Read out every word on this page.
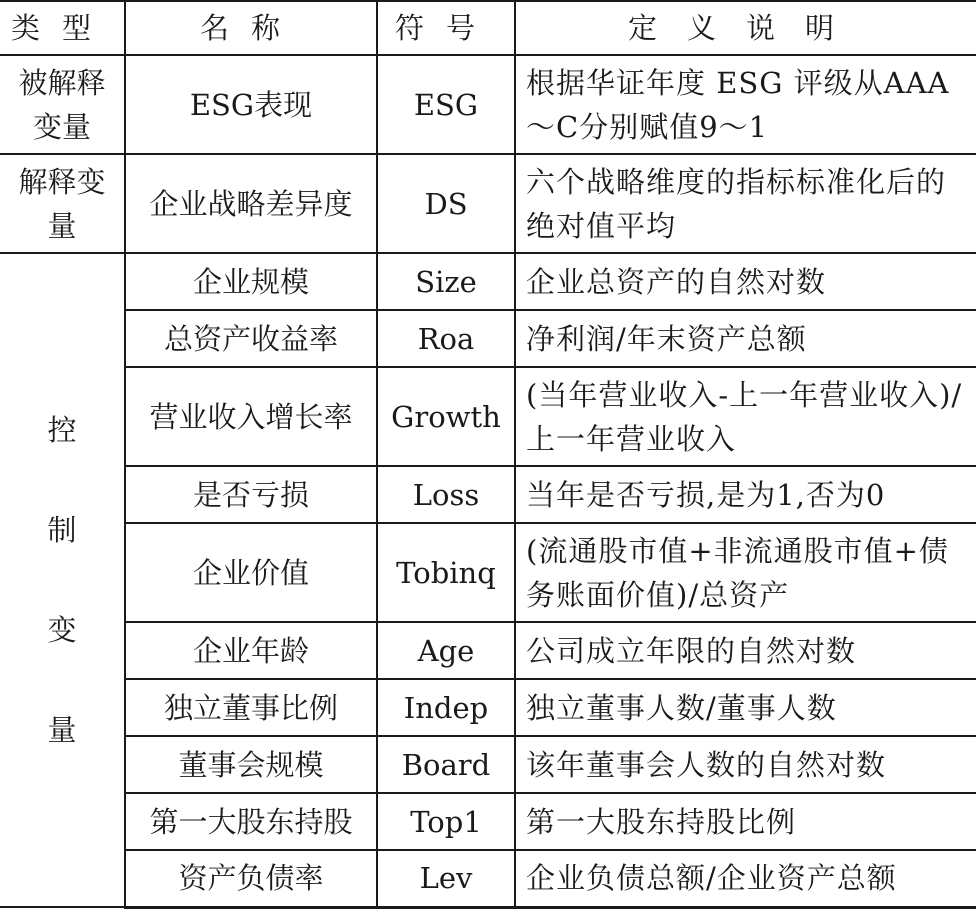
类型	名称	符号	定义说明
被解释变量	ESG表现	ESG	根据华证年度 ESG 评级从AAA～C分别赋值9～1
解释变量	企业战略差异度	DS	六个战略维度的指标标准化后的绝对值平均

控
制
变
量	企业规模	Size	企业总资产的自然对数
	总资产收益率	Roa	净利润/年末资产总额
	营业收入增长率	Growth	(当年营业收入-上一年营业收入)/上一年营业收入
	是否亏损	Loss	当年是否亏损,是为1,否为0
	企业价值	Tobinq	(流通股市值+非流通股市值+债务账面价值)/总资产
	企业年龄	Age	公司成立年限的自然对数
	独立董事比例	Indep	独立董事人数/董事人数
	董事会规模	Board	该年董事会人数的自然对数
	第一大股东持股	Top1	第一大股东持股比例
	资产负债率	Lev	企业负债总额/企业资产总额
